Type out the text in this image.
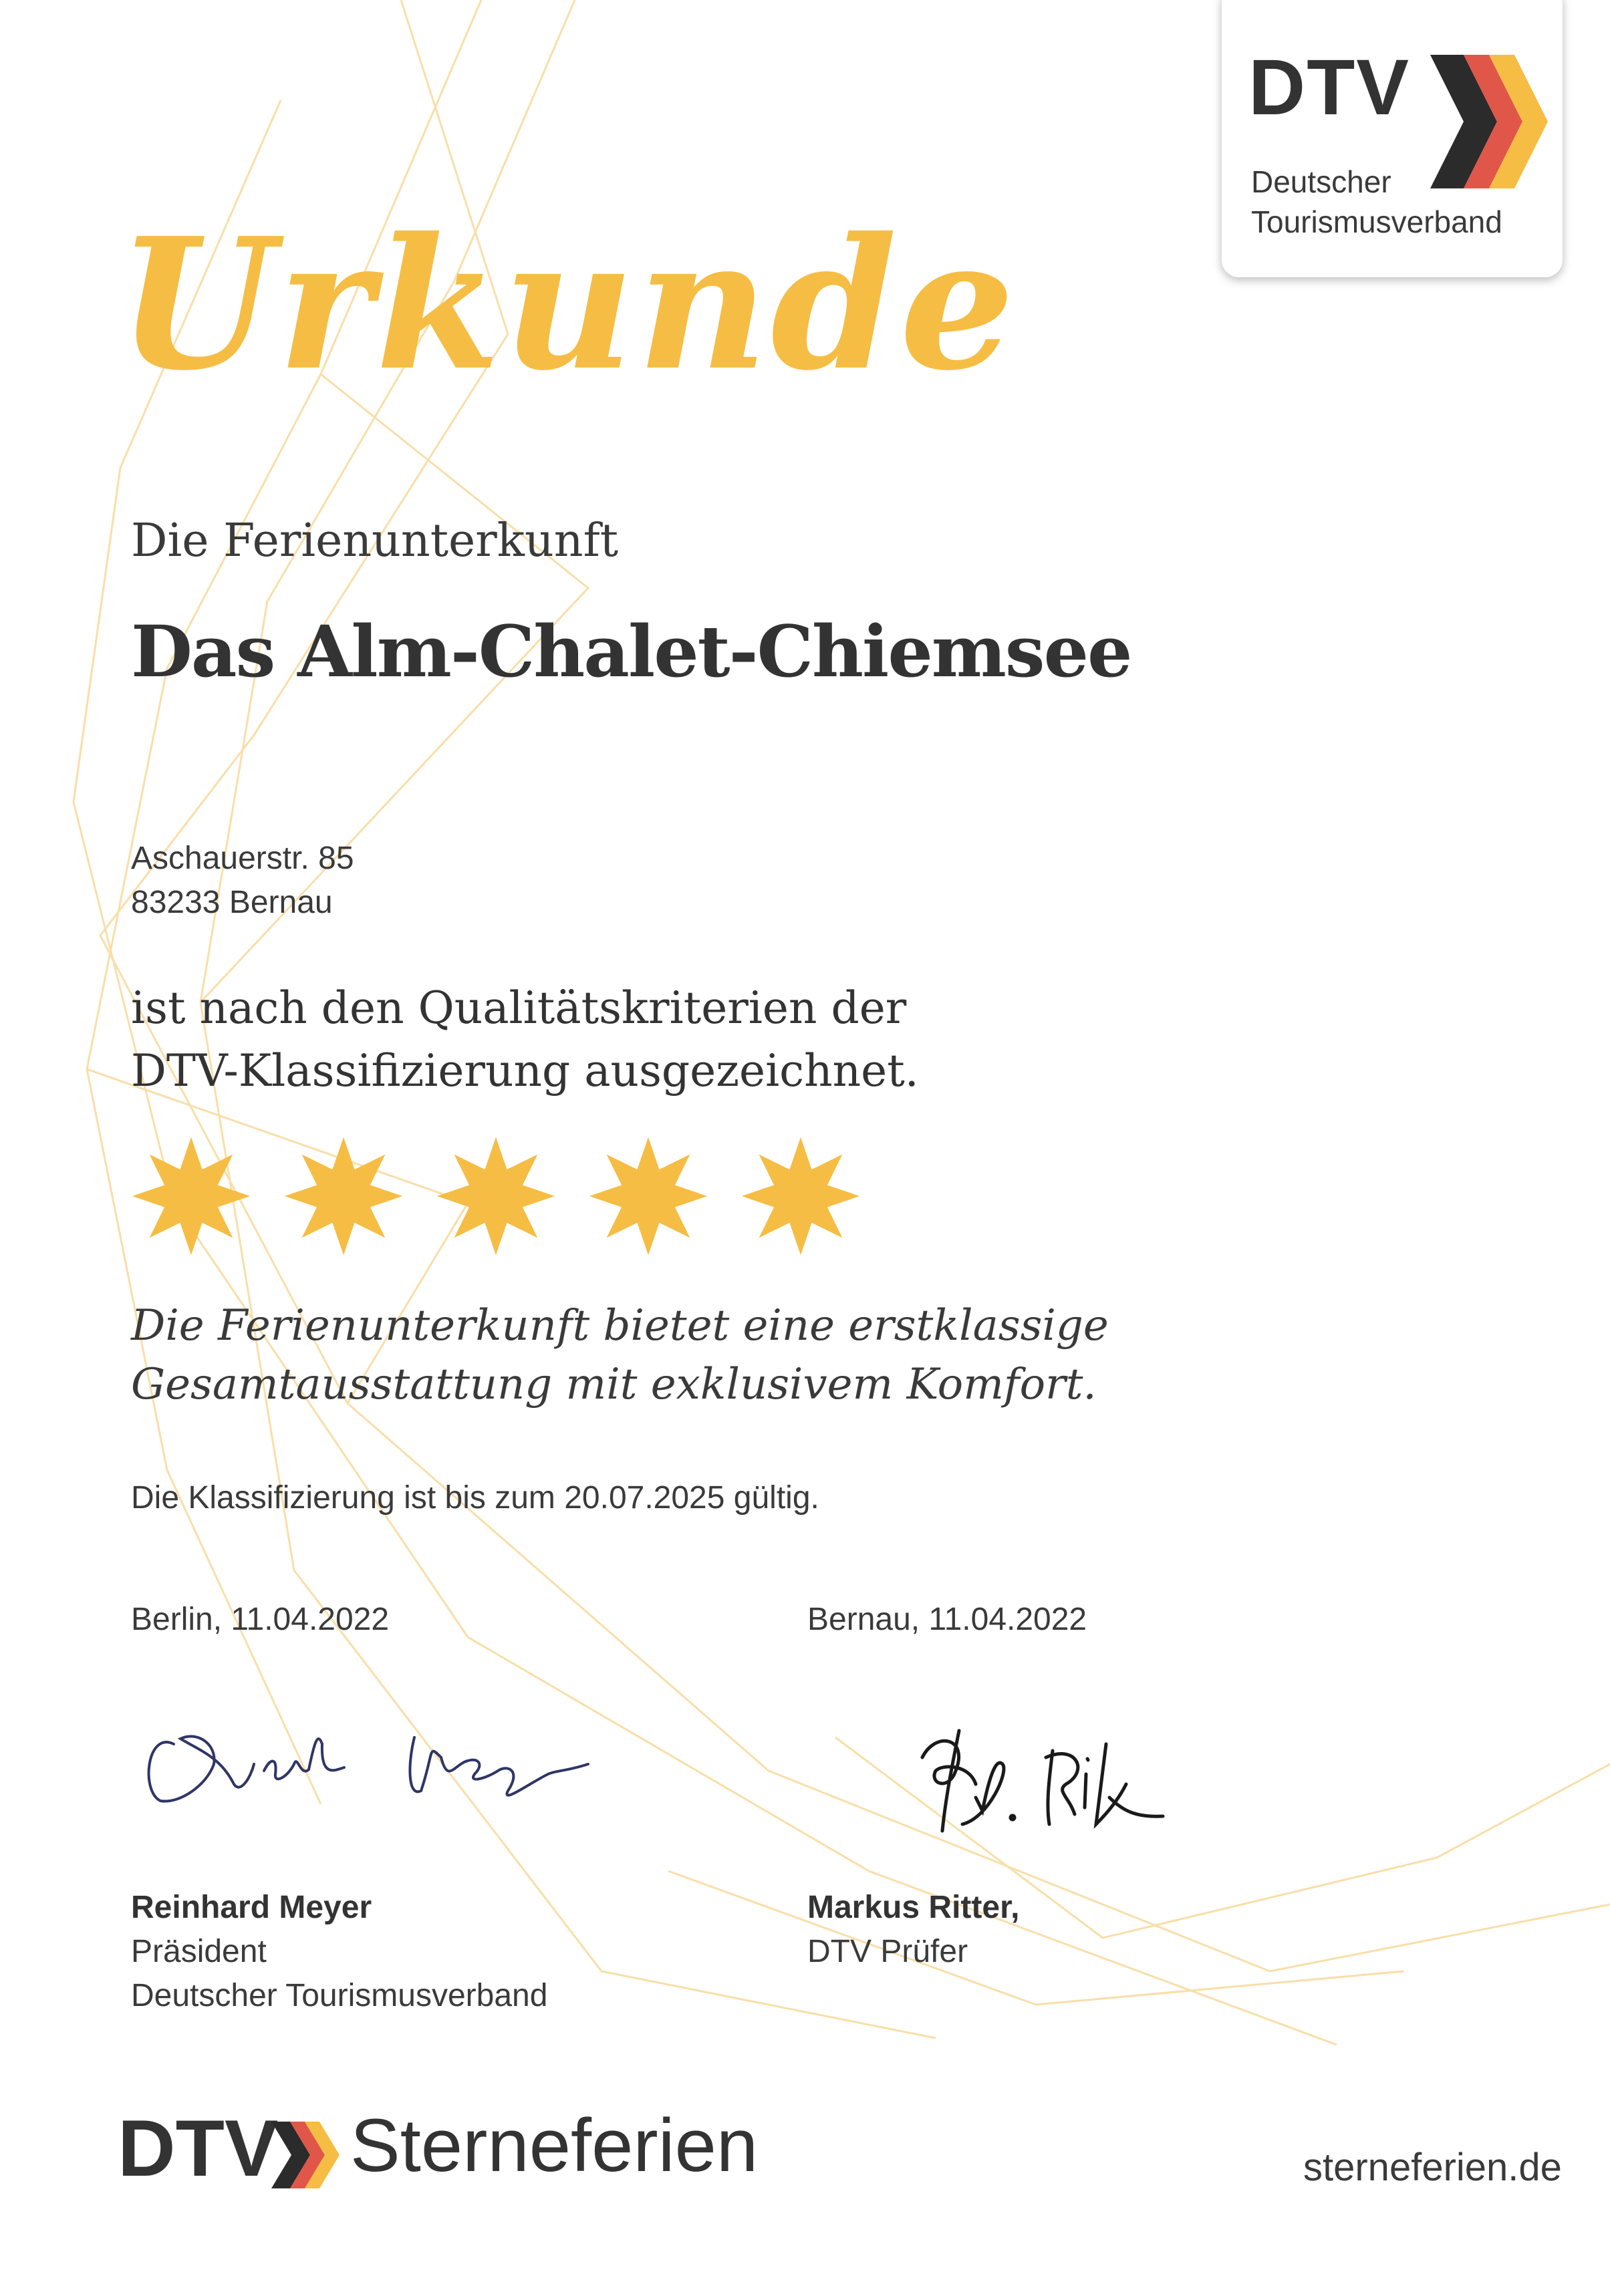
DTV
Deutscher
Tourismusverband
Urkunde
Die Ferienunterkunft
Das Alm-Chalet-Chiemsee
Aschauerstr. 85
83233 Bernau
ist nach den Qualitätskriterien der
DTV-Klassifizierung ausgezeichnet.
Die Ferienunterkunft bietet eine erstklassige
Gesamtausstattung mit exklusivem Komfort.
Die Klassifizierung ist bis zum 20.07.2025 gültig.
Berlin, 11.04.2022	Bernau, 11.04.2022
Reinhard Meyer
Präsident
Deutscher Tourismusverband
Markus Ritter,
DTV Prüfer
DTV Sterneferien	sterneferien.de
